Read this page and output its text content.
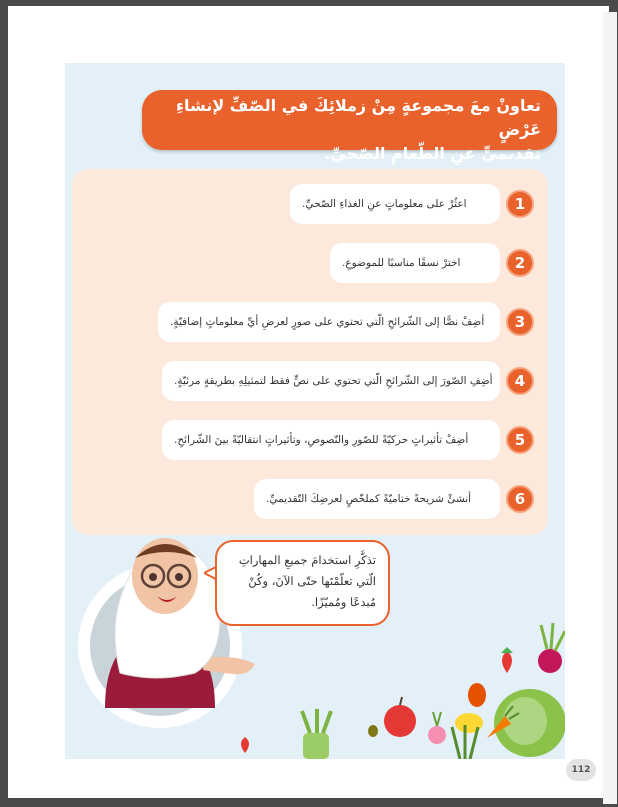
تعاونْ معَ مجموعةٍ مِنْ زملائِكَ في الصّفِّ لإنشاءِ عَرْضٍ
تقديميٍّ عنِ الطّعامِ الصّحيِّ.
1
اعثُرْ على معلوماتٍ عنِ الغذاءِ الصّحيِّ.
2
اخترْ نسقًا مناسبًا للموضوعِ.
3
أضِفْ نصًّا إلى الشّرائحِ الّتي تحتوي على صورٍ لعرضِ أيِّ معلوماتٍ إضافيّةٍ.
4
أضِفِ الصّورَ إلى الشّرائحِ الّتي تحتوي على نصٍّ فقط لتمثيلِهِ بطريقةٍ مرئيّةٍ.
5
أضِفْ تأثيراتٍ حركيّةً للصّورِ والنّصوصِ، وتأثيراتٍ انتقاليّةً بينَ الشّرائحِ.
6
أنشئْ شريحةً ختاميّةً كملخّصٍ لعرضِكَ التّقديميِّ.
تذكَّرِ استخدامَ جميعِ المهاراتِ
الّتي تعلّمْتَها حتّى الآنَ، وكُنْ
مُبدعًا ومُميّزًا.
112
